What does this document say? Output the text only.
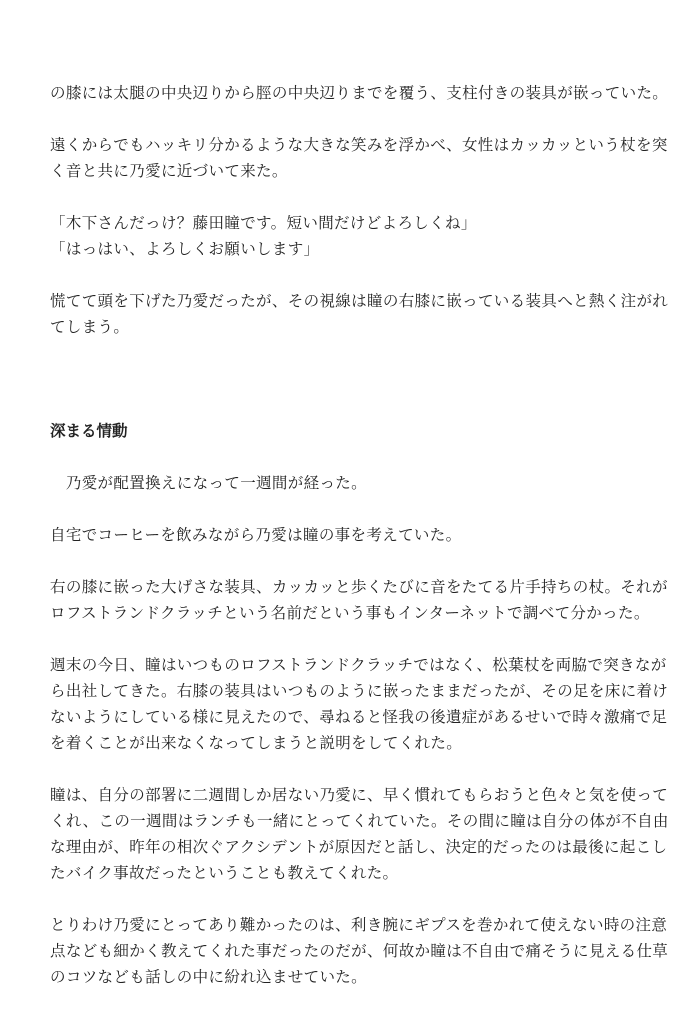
の膝には太腿の中央辺りから脛の中央辺りまでを覆う、支柱付きの装具が嵌っていた。
遠くからでもハッキリ分かるような大きな笑みを浮かべ、女性はカッカッという杖を突
く音と共に乃愛に近づいて来た。
「木下さんだっけ？藤田瞳です。短い間だけどよろしくね」
「はっはい、よろしくお願いします」
慌てて頭を下げた乃愛だったが、その視線は瞳の右膝に嵌っている装具へと熱く注がれ
てしまう。
深まる情動
　乃愛が配置換えになって一週間が経った。
自宅でコーヒーを飲みながら乃愛は瞳の事を考えていた。
右の膝に嵌った大げさな装具、カッカッと歩くたびに音をたてる片手持ちの杖。それが
ロフストランドクラッチという名前だという事もインターネットで調べて分かった。
週末の今日、瞳はいつものロフストランドクラッチではなく、松葉杖を両脇で突きなが
ら出社してきた。右膝の装具はいつものように嵌ったままだったが、その足を床に着け
ないようにしている様に見えたので、尋ねると怪我の後遺症があるせいで時々激痛で足
を着くことが出来なくなってしまうと説明をしてくれた。
瞳は、自分の部署に二週間しか居ない乃愛に、早く慣れてもらおうと色々と気を使って
くれ、この一週間はランチも一緒にとってくれていた。その間に瞳は自分の体が不自由
な理由が、昨年の相次ぐアクシデントが原因だと話し、決定的だったのは最後に起こし
たバイク事故だったということも教えてくれた。
とりわけ乃愛にとってあり難かったのは、利き腕にギプスを巻かれて使えない時の注意
点なども細かく教えてくれた事だったのだが、何故か瞳は不自由で痛そうに見える仕草
のコツなども話しの中に紛れ込ませていた。
